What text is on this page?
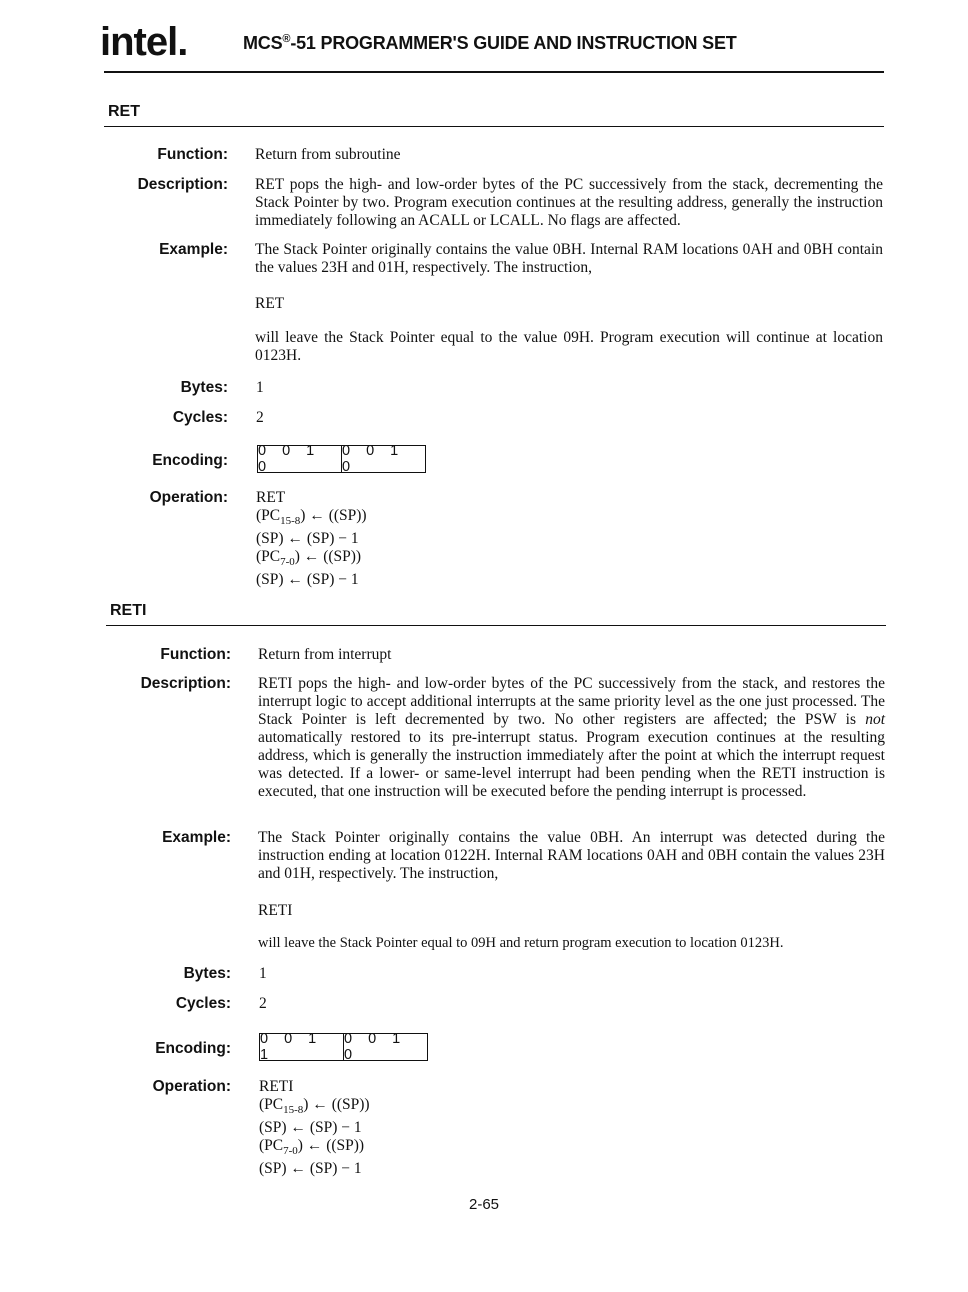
intel.	MCS®-51 PROGRAMMER'S GUIDE AND INSTRUCTION SET
RET
Function: Return from subroutine
Description: RET pops the high- and low-order bytes of the PC successively from the stack, decrementing the Stack Pointer by two. Program execution continues at the resulting address, generally the instruction immediately following an ACALL or LCALL. No flags are affected.
Example: The Stack Pointer originally contains the value 0BH. Internal RAM locations 0AH and 0BH contain the values 23H and 01H, respectively. The instruction,
RET
will leave the Stack Pointer equal to the value 09H. Program execution will continue at location 0123H.
Bytes: 1
Cycles: 2
Encoding:
0 0 1 0
0 0 1 0
Operation: RET
$(PC_{15-8})$ ← ((SP))
(SP) ← (SP) − 1
$(PC_{7-0})$ ← ((SP))
(SP) ← (SP) − 1
RETI
Function: Return from interrupt
Description: RETI pops the high- and low-order bytes of the PC successively from the stack, and restores the interrupt logic to accept additional interrupts at the same priority level as the one just processed. The Stack Pointer is left decremented by two. No other registers are affected; the PSW is not automatically restored to its pre-interrupt status. Program execution continues at the resulting address, which is generally the instruction immediately after the point at which the interrupt request was detected. If a lower- or same-level interrupt had been pending when the RETI instruction is executed, that one instruction will be executed before the pending interrupt is processed.
Example: The Stack Pointer originally contains the value 0BH. An interrupt was detected during the instruction ending at location 0122H. Internal RAM locations 0AH and 0BH contain the values 23H and 01H, respectively. The instruction,
RETI
will leave the Stack Pointer equal to 09H and return program execution to location 0123H.
Bytes: 1
Cycles: 2
Encoding:
0 0 1 1
0 0 1 0
Operation: RETI
$(PC_{15-8})$ ← ((SP))
(SP) ← (SP) − 1
$(PC_{7-0})$ ← ((SP))
(SP) ← (SP) − 1
2-65
